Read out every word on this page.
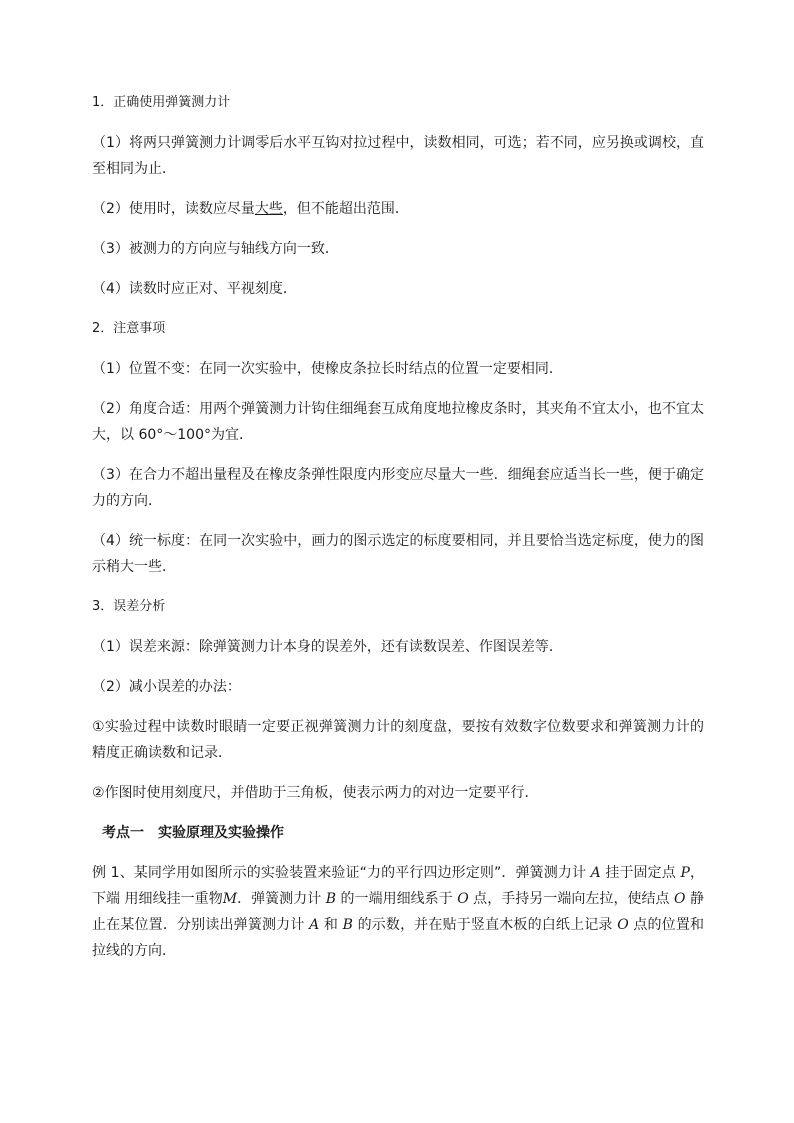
1．正确使用弹簧测力计

（1）将两只弹簧测力计调零后水平互钩对拉过程中，读数相同，可选；若不同，应另换或调校，直至相同为止．

（2）使用时，读数应尽量大些，但不能超出范围．

（3）被测力的方向应与轴线方向一致．

（4）读数时应正对、平视刻度．

2．注意事项

（1）位置不变：在同一次实验中，使橡皮条拉长时结点的位置一定要相同．

（2）角度合适：用两个弹簧测力计钩住细绳套互成角度地拉橡皮条时，其夹角不宜太小，也不宜太大，以 60°～100°为宜．

（3）在合力不超出量程及在橡皮条弹性限度内形变应尽量大一些．细绳套应适当长一些，便于确定力的方向．

（4）统一标度：在同一次实验中，画力的图示选定的标度要相同，并且要恰当选定标度，使力的图示稍大一些．

3．误差分析

（1）误差来源：除弹簧测力计本身的误差外，还有读数误差、作图误差等．

（2）减小误差的办法：

①实验过程中读数时眼睛一定要正视弹簧测力计的刻度盘，要按有效数字位数要求和弹簧测力计的精度正确读数和记录．

②作图时使用刻度尺，并借助于三角板，使表示两力的对边一定要平行．

考点一　实验原理及实验操作

例 1、某同学用如图所示的实验装置来验证“力的平行四边形定则”．弹簧测力计 A 挂于固定点 P，下端 用细线挂一重物M．弹簧测力计 B 的一端用细线系于 O 点，手持另一端向左拉，使结点 O 静止在某位置．分别读出弹簧测力计 A 和 B 的示数，并在贴于竖直木板的白纸上记录 O 点的位置和拉线的方向．
